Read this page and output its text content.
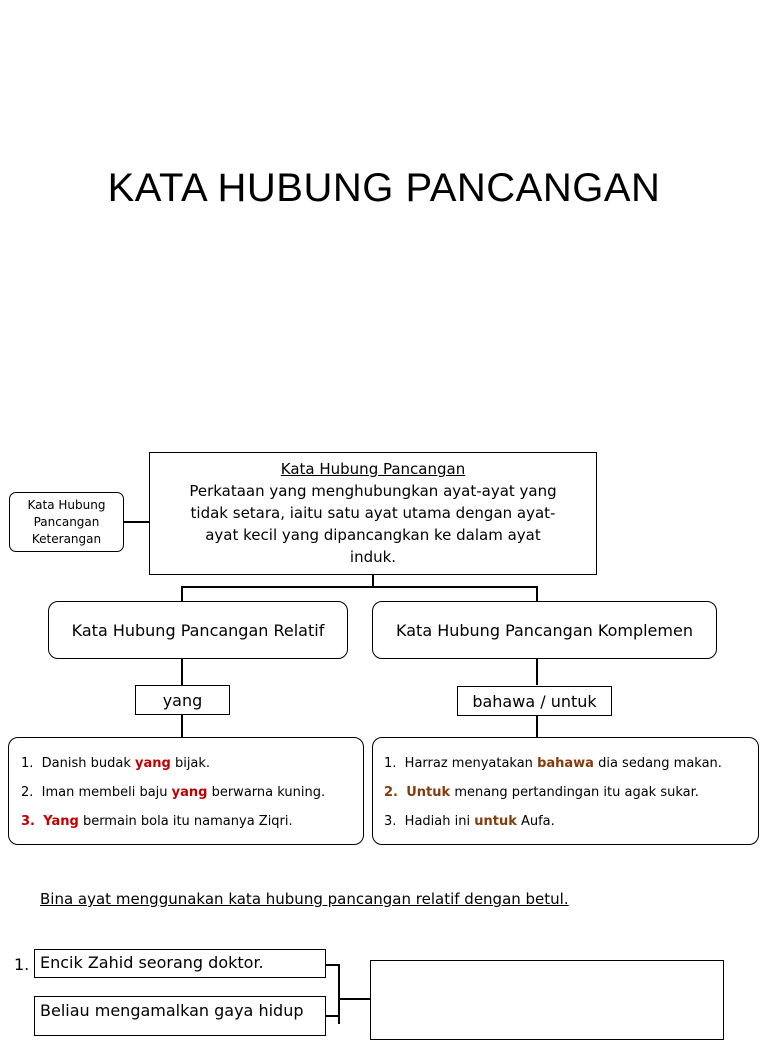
KATA HUBUNG PANCANGAN
Kata Hubung
Pancangan
Keterangan
Kata Hubung Pancangan
Perkataan yang menghubungkan ayat-ayat yang
tidak setara, iaitu satu ayat utama dengan ayat-
ayat kecil yang dipancangkan ke dalam ayat
induk.
Kata Hubung Pancangan Relatif	Kata Hubung Pancangan Komplemen
yang	bahawa / untuk
1. Danish budak yang bijak.
2. Iman membeli baju yang berwarna kuning.
3. Yang bermain bola itu namanya Ziqri.
1. Harraz menyatakan bahawa dia sedang makan.
2. Untuk menang pertandingan itu agak sukar.
3. Hadiah ini untuk Aufa.
Bina ayat menggunakan kata hubung pancangan relatif dengan betul.
1. Encik Zahid seorang doktor.
Beliau mengamalkan gaya hidup
